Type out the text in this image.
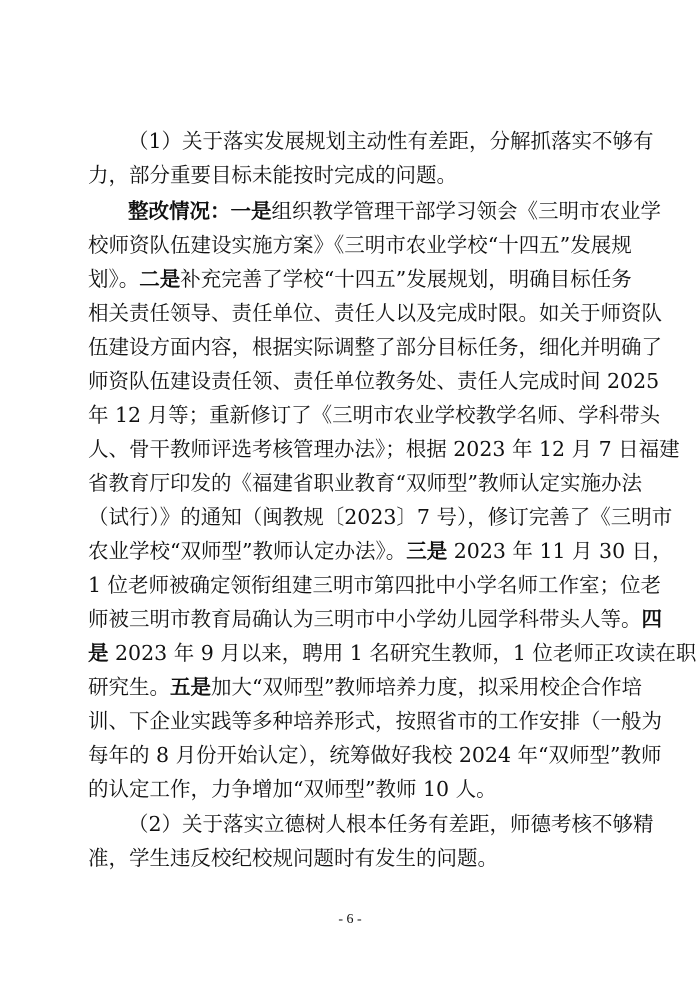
（1）关于落实发展规划主动性有差距，分解抓落实不够有
力，部分重要目标未能按时完成的问题。
整改情况：一是组织教学管理干部学习领会《三明市农业学
校师资队伍建设实施方案》《三明市农业学校“十四五”发展规
划》。二是补充完善了学校“十四五”发展规划，明确目标任务
相关责任领导、责任单位、责任人以及完成时限。如关于师资队
伍建设方面内容，根据实际调整了部分目标任务，细化并明确了
师资队伍建设责任领、责任单位教务处、责任人完成时间 2025
年 12 月等；重新修订了《三明市农业学校教学名师、学科带头
人、骨干教师评选考核管理办法》；根据 2023 年 12 月 7 日福建
省教育厅印发的《福建省职业教育“双师型”教师认定实施办法
（试行）》的通知（闽教规〔2023〕7 号），修订完善了《三明市
农业学校“双师型”教师认定办法》。三是 2023 年 11 月 30 日，
1 位老师被确定领衔组建三明市第四批中小学名师工作室；位老
师被三明市教育局确认为三明市中小学幼儿园学科带头人等。四
是 2023 年 9 月以来，聘用 1 名研究生教师，1 位老师正攻读在职
研究生。五是加大“双师型”教师培养力度，拟采用校企合作培
训、下企业实践等多种培养形式，按照省市的工作安排（一般为
每年的 8 月份开始认定），统筹做好我校 2024 年“双师型”教师
的认定工作，力争增加“双师型”教师 10 人。
（2）关于落实立德树人根本任务有差距，师德考核不够精
准，学生违反校纪校规问题时有发生的问题。
- 6 -
